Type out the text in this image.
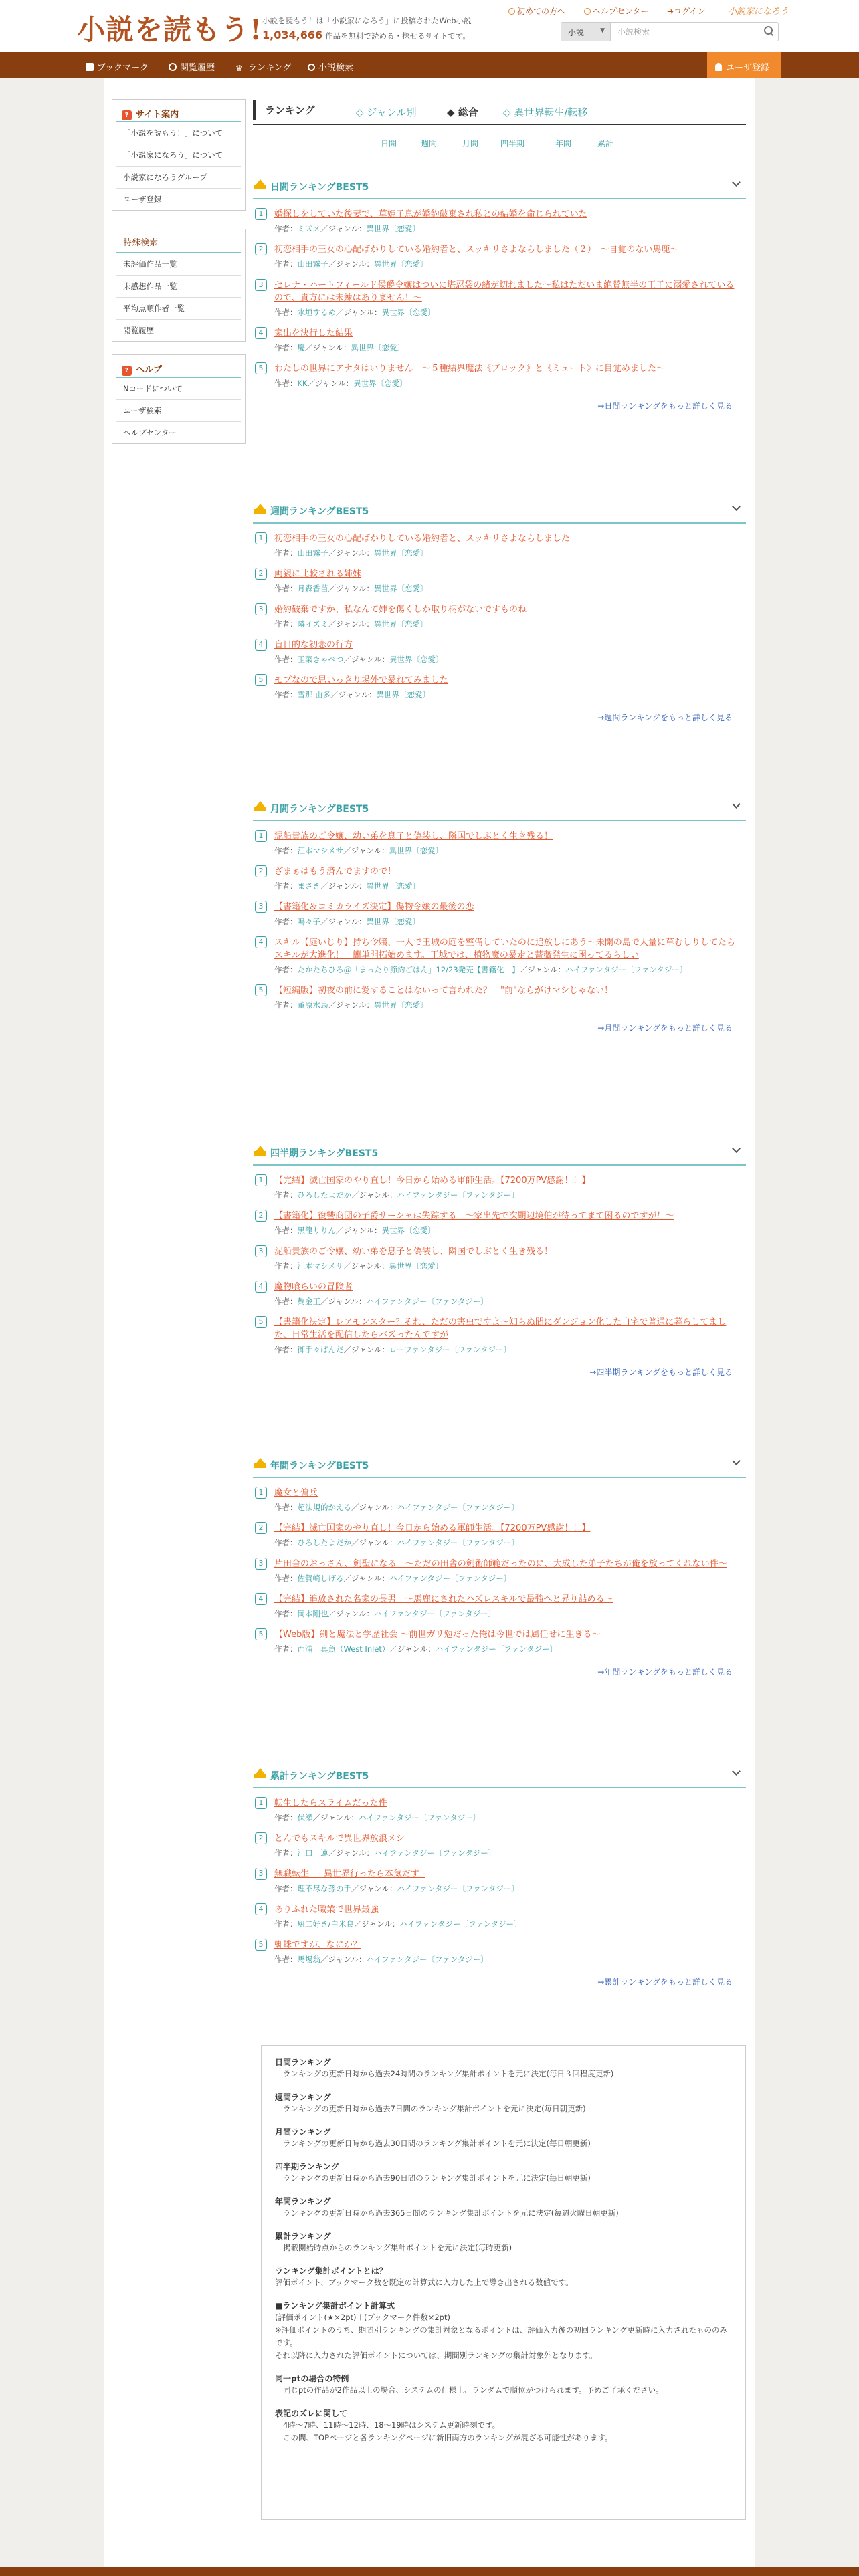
小説を読もう! 小説を読もう！は「小説家になろう」に投稿されたWeb小説
1,034,666 作品を無料で読める・探せるサイトです。
初めての方へ	ヘルプセンター ➜ログイン	小説家になろう
小説	▼ 小説検索
ブックマーク	閲覧履歴	♛ ランキング	小説検索	ユーザ登録
? サイト案内
「小説を読もう！」について
「小説家になろう」について
小説家になろうグループ
ユーザ登録
特殊検索
未評価作品一覧
未感想作品一覧
平均点順作者一覧
閲覧履歴
? ヘルプ
Nコードについて
ユーザ検索
ヘルプセンター
ランキング	◇ ジャンル別	◆ 総合 ◇ 異世界転生/転移
日間	週間	月間	四半期	年間	累計
日間ランキングBEST5
1	婚探しをしていた後妻で、草姫子息が婚約破棄され私との結婚を命じられていた
作者：ミズメ／ジャンル：異世界〔恋愛〕
2	初恋相手の王女の心配ばかりしている婚約者と、スッキリさよならしました（２）　～自覚のない馬鹿～
作者：山田露子／ジャンル：異世界〔恋愛〕
3	セレナ・ハートフィールド侯爵令嬢はついに堪忍袋の緒が切れました～私はただいま絶賛無半の王子に溺愛されているので、貴方には未練はありません！～
作者：水垣するめ／ジャンル：異世界〔恋愛〕
4	家出を決行した結果
作者：慶／ジャンル：異世界〔恋愛〕
5	わたしの世界にアナタはいりません　～５種結界魔法《ブロック》と《ミュート》に目覚めました～
作者：KK／ジャンル：異世界〔恋愛〕
→日間ランキングをもっと詳しく見る
週間ランキングBEST5
1	初恋相手の王女の心配ばかりしている婚約者と、スッキリさよならしました
作者：山田露子／ジャンル：異世界〔恋愛〕
2	両親に比較される姉妹
作者：月森香苗／ジャンル：異世界〔恋愛〕
3	婚約破棄ですか、私なんて姉を傷くしか取り柄がないですものね
作者：隣イズミ／ジャンル：異世界〔恋愛〕
4	盲目的な初恋の行方
作者：玉菜きゃべつ／ジャンル：異世界〔恋愛〕
5	モブなので思いっきり場外で暴れてみました
作者：雪那 由多／ジャンル：異世界〔恋愛〕
→週間ランキングをもっと詳しく見る
月間ランキングBEST5
1	泥船貴族のご令嬢、幼い弟を息子と偽装し、隣国でしぶとく生き残る！
作者：江本マシメサ／ジャンル：異世界〔恋愛〕
2	ざまぁはもう済んでますので！
作者：まさき／ジャンル：異世界〔恋愛〕
3	【書籍化＆コミカライズ決定】傷物令嬢の最後の恋
作者：鳴々子／ジャンル：異世界〔恋愛〕
4	スキル【庭いじり】持ち令嬢、一人で王城の庭を整備していたのに追放しにあう～未開の島で大量に草むしりしてたらスキルが大進化！　簡単開拓始めます。王城では、植物魔の暴走と薔薇発生に困ってるらしい
作者：たかたちひろ＠「まったり節約ごはん」12/23発売【書籍化！】／ジャンル：ハイファンタジー〔ファンタジー〕
5	【短編版】初夜の前に愛することはないって言われた？　"前"ならがけマシじゃない！
作者：董原水鳥／ジャンル：異世界〔恋愛〕
→月間ランキングをもっと詳しく見る
四半期ランキングBEST5
1	【完結】滅亡国家のやり直し！今日から始める軍師生活。【7200万PV感謝！！】
作者：ひろしたよだか／ジャンル：ハイファンタジー〔ファンタジー〕
2	【書籍化】復讐商団の子爵サーシャは失踪する　～家出先で次期辺境伯が待ってまて困るのですが！～
作者：黒龍りりん／ジャンル：異世界〔恋愛〕
3	泥船貴族のご令嬢、幼い弟を息子と偽装し、隣国でしぶとく生き残る！
作者：江本マシメサ／ジャンル：異世界〔恋愛〕
4	魔物喰らいの冒険者
作者：麹金王／ジャンル：ハイファンタジー〔ファンタジー〕
5	【書籍化決定】レアモンスター？それ、ただの害虫ですよ～知らぬ間にダンジョン化した自宅で普通に暮らしてました、日常生活を配信したらバズったんですが
作者：御手々ぱんだ／ジャンル：ローファンタジー〔ファンタジー〕
→四半期ランキングをもっと詳しく見る
年間ランキングBEST5
1	魔女と傭兵
作者：超法規的かえる／ジャンル：ハイファンタジー〔ファンタジー〕
2	【完結】滅亡国家のやり直し！今日から始める軍師生活。【7200万PV感謝！！】
作者：ひろしたよだか／ジャンル：ハイファンタジー〔ファンタジー〕
3	片田舎のおっさん、剣聖になる　～ただの田舎の剣術師範だったのに、大成した弟子たちが俺を放ってくれない件～
作者：佐賀崎しげる／ジャンル：ハイファンタジー〔ファンタジー〕
4	【完結】追放された名家の長男　～馬鹿にされたハズレスキルで最強へと昇り詰める～
作者：岡本剛也／ジャンル：ハイファンタジー〔ファンタジー〕
5	【Web版】剣と魔法と学歴社会 ～前世ガリ勉だった俺は今世では風任せに生きる～
作者：西浦　真魚（West Inlet）／ジャンル：ハイファンタジー〔ファンタジー〕
→年間ランキングをもっと詳しく見る
累計ランキングBEST5
1	転生したらスライムだった件
作者：伏瀬／ジャンル：ハイファンタジー〔ファンタジー〕
2	とんでもスキルで異世界放浪メシ
作者：江口　連／ジャンル：ハイファンタジー〔ファンタジー〕
3	無職転生　- 異世界行ったら本気だす -
作者：理不尽な孫の手／ジャンル：ハイファンタジー〔ファンタジー〕
4	ありふれた職業で世界最強
作者：厨二好き/白米良／ジャンル：ハイファンタジー〔ファンタジー〕
5	蜘蛛ですが、なにか？
作者：馬場翁／ジャンル：ハイファンタジー〔ファンタジー〕
→累計ランキングをもっと詳しく見る
日間ランキング
ランキングの更新日時から過去24時間のランキング集計ポイントを元に決定(毎日３回程度更新)
週間ランキング
ランキングの更新日時から過去7日間のランキング集計ポイントを元に決定(毎日朝更新)
月間ランキング
ランキングの更新日時から過去30日間のランキング集計ポイントを元に決定(毎日朝更新)
四半期ランキング
ランキングの更新日時から過去90日間のランキング集計ポイントを元に決定(毎日朝更新)
年間ランキング
ランキングの更新日時から過去365日間のランキング集計ポイントを元に決定(毎週火曜日朝更新)
累計ランキング
掲載開始時点からのランキング集計ポイントを元に決定(毎時更新)
ランキング集計ポイントとは？
評価ポイント、ブックマーク数を既定の計算式に入力した上で導き出される数値です。
■ランキング集計ポイント計算式
(評価ポイント(★×2pt)＋(ブックマーク件数×2pt)
※評価ポイントのうち、期間別ランキングの集計対象となるポイントは、評価入力後の初回ランキング更新時に入力されたもののみです。
それ以降に入力された評価ポイントについては、期間別ランキングの集計対象外となります。
同一ptの場合の特例
同じptの作品が2作品以上の場合、システムの仕様上、ランダムで順位がつけられます。予めご了承ください。
表記のズレに関して
4時～7時、11時～12時、18～19時はシステム更新時刻です。
この間、TOPページと各ランキングページに新旧両方のランキングが混ざる可能性があります。
